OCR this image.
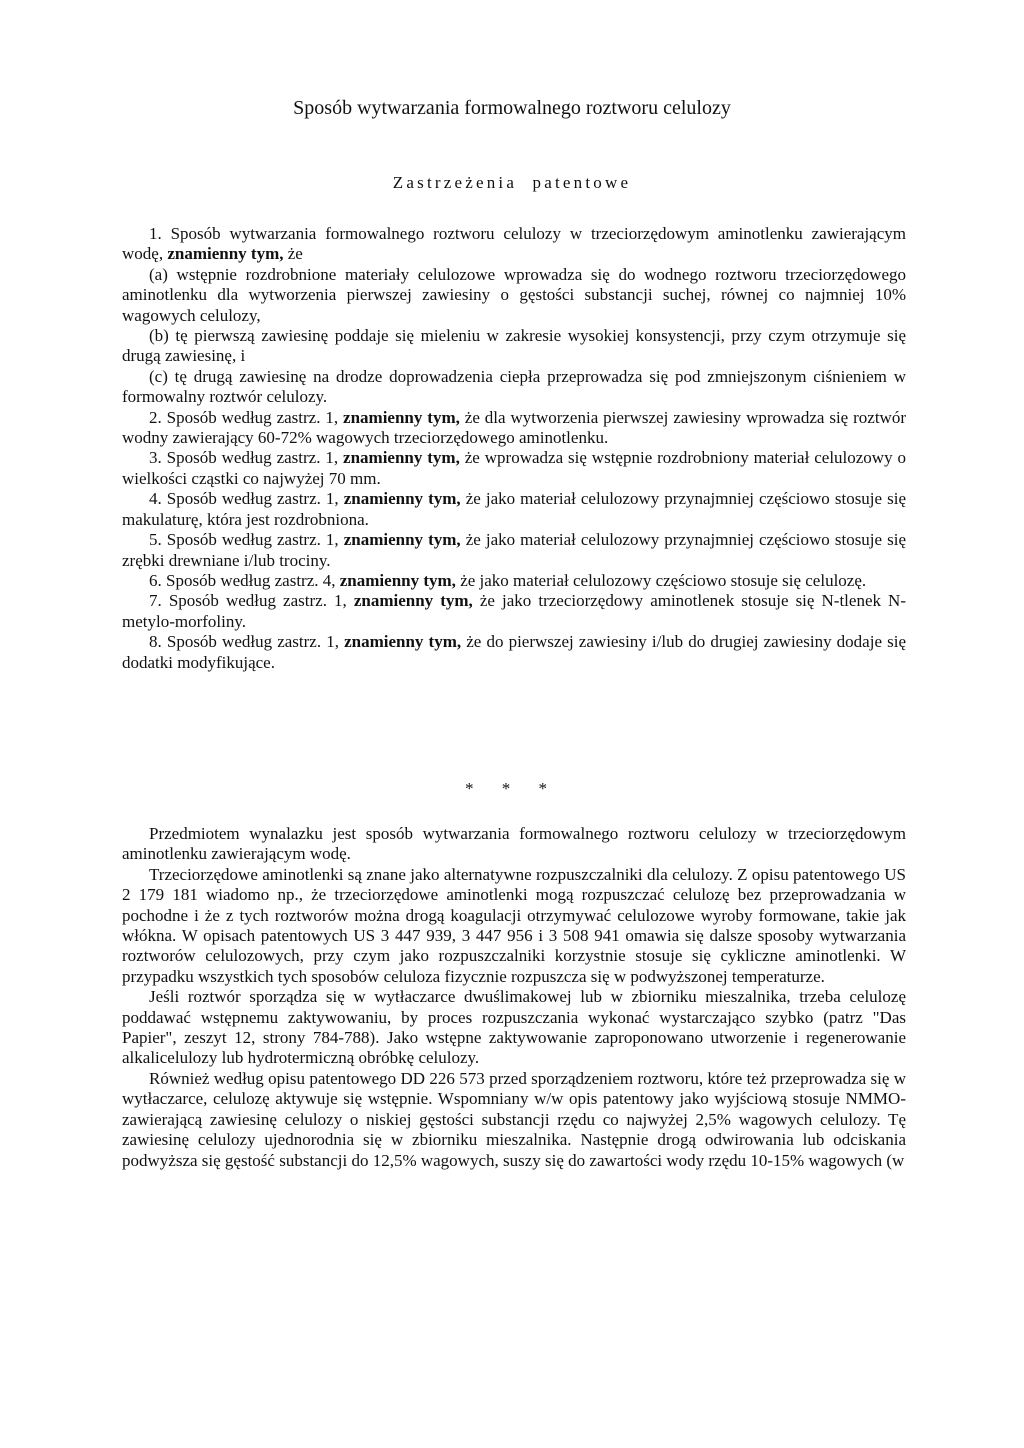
Sposób wytwarzania formowalnego roztworu celulozy
Zastrzeżenia patentowe

1. Sposób wytwarzania formowalnego roztworu celulozy w trzeciorzędowym aminotlenku zawierającym wodę, znamienny tym, że

(a) wstępnie rozdrobnione materiały celulozowe wprowadza się do wodnego roztworu trzeciorzędowego aminotlenku dla wytworzenia pierwszej zawiesiny o gęstości substancji suchej, równej co najmniej 10% wagowych celulozy,

(b) tę pierwszą zawiesinę poddaje się mieleniu w zakresie wysokiej konsystencji, przy czym otrzymuje się drugą zawiesinę, i

(c) tę drugą zawiesinę na drodze doprowadzenia ciepła przeprowadza się pod zmniejszonym ciśnieniem w formowalny roztwór celulozy.

2. Sposób według zastrz. 1, znamienny tym, że dla wytworzenia pierwszej zawiesiny wprowadza się roztwór wodny zawierający 60-72% wagowych trzeciorzędowego aminotlenku.

3. Sposób według zastrz. 1, znamienny tym, że wprowadza się wstępnie rozdrobniony materiał celulozowy o wielkości cząstki co najwyżej 70 mm.

4. Sposób według zastrz. 1, znamienny tym, że jako materiał celulozowy przynajmniej częściowo stosuje się makulaturę, która jest rozdrobniona.

5. Sposób według zastrz. 1, znamienny tym, że jako materiał celulozowy przynajmniej częściowo stosuje się zrębki drewniane i/lub trociny.

6. Sposób według zastrz. 4, znamienny tym, że jako materiał celulozowy częściowo stosuje się celulozę.

7. Sposób według zastrz. 1, znamienny tym, że jako trzeciorzędowy aminotlenek stosuje się N-tlenek N-metylo-morfoliny.

8. Sposób według zastrz. 1, znamienny tym, że do pierwszej zawiesiny i/lub do drugiej zawiesiny dodaje się dodatki modyfikujące.

* * *

Przedmiotem wynalazku jest sposób wytwarzania formowalnego roztworu celulozy w trzeciorzędowym aminotlenku zawierającym wodę.

Trzeciorzędowe aminotlenki są znane jako alternatywne rozpuszczalniki dla celulozy. Z opisu patentowego US 2 179 181 wiadomo np., że trzeciorzędowe aminotlenki mogą rozpuszczać celulozę bez przeprowadzania w pochodne i że z tych roztworów można drogą koagulacji otrzymywać celulozowe wyroby formowane, takie jak włókna. W opisach patentowych US 3 447 939, 3 447 956 i 3 508 941 omawia się dalsze sposoby wytwarzania roztworów celulozowych, przy czym jako rozpuszczalniki korzystnie stosuje się cykliczne aminotlenki. W przypadku wszystkich tych sposobów celuloza fizycznie rozpuszcza się w podwyższonej temperaturze.

Jeśli roztwór sporządza się w wytłaczarce dwuślimakowej lub w zbiorniku mieszalnika, trzeba celulozę poddawać wstępnemu zaktywowaniu, by proces rozpuszczania wykonać wystarczająco szybko (patrz "Das Papier", zeszyt 12, strony 784-788). Jako wstępne zaktywowanie zaproponowano utworzenie i regenerowanie alkalicelulozy lub hydrotermiczną obróbkę celulozy.

Również według opisu patentowego DD 226 573 przed sporządzeniem roztworu, które też przeprowadza się w wytłaczarce, celulozę aktywuje się wstępnie. Wspomniany w/w opis patentowy jako wyjściową stosuje NMMO-zawierającą zawiesinę celulozy o niskiej gęstości substancji rzędu co najwyżej 2,5% wagowych celulozy. Tę zawiesinę celulozy ujednorodnia się w zbiorniku mieszalnika. Następnie drogą odwirowania lub odciskania podwyższa się gęstość substancji do 12,5% wagowych, suszy się do zawartości wody rzędu 10-15% wagowych (w
